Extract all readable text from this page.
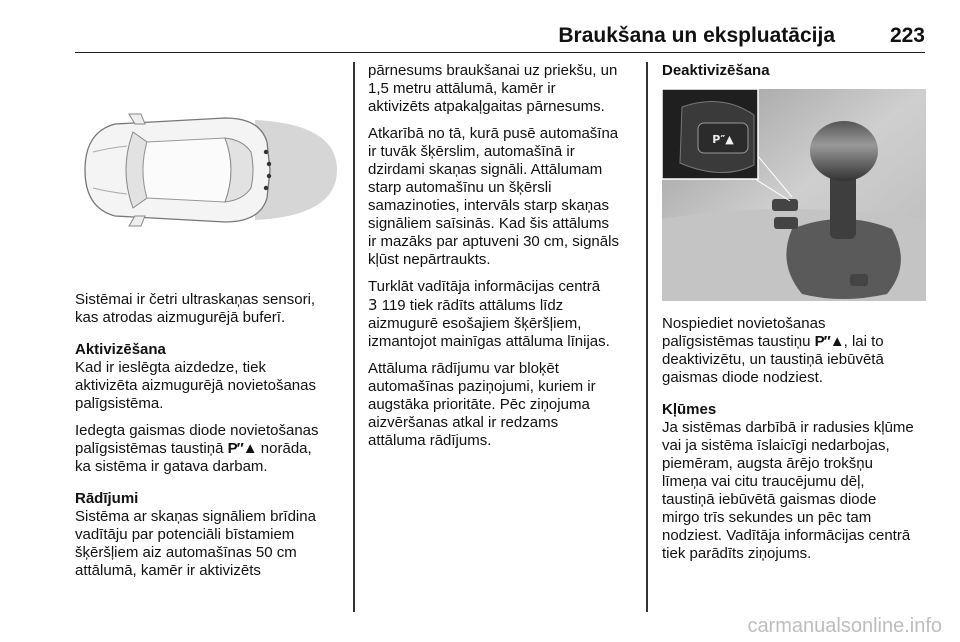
Braukšana un ekspluatācija	223

Sistēmai ir četri ultraskaņas sensori,
kas atrodas aizmugurējā buferī.

Aktivizēšana

Kad ir ieslēgta aizdedze, tiek
aktivizēta aizmugurējā novietošanas
palīgsistēma.

Iedegta gaismas diode novietošanas
palīgsistēmas taustiņā P″▲ norāda,
ka sistēma ir gatava darbam.

Rādījumi

Sistēma ar skaņas signāliem brīdina
vadītāju par potenciāli bīstamiem
šķēršļiem aiz automašīnas 50 cm
attālumā, kamēr ir aktivizēts

pārnesums braukšanai uz priekšu, un
1,5 metru attālumā, kamēr ir
aktivizēts atpakaļgaitas pārnesums.

Atkarībā no tā, kurā pusē automašīna
ir tuvāk šķērslim, automašīnā ir
dzirdami skaņas signāli. Attālumam
starp automašīnu un šķērsli
samazinoties, intervāls starp skaņas
signāliem saīsinās. Kad šis attālums
ir mazāks par aptuveni 30 cm, signāls
kļūst nepārtraukts.

Turklāt vadītāja informācijas centrā
3 119 tiek rādīts attālums līdz
aizmugurē esošajiem šķēršļiem,
izmantojot mainīgas attāluma līnijas.

Attāluma rādījumu var bloķēt
automašīnas paziņojumi, kuriem ir
augstāka prioritāte. Pēc ziņojuma
aizvēršanas atkal ir redzams
attāluma rādījums.

Deaktivizēšana

P″▲

Nospiediet novietošanas
palīgsistēmas taustiņu P″▲, lai to
deaktivizētu, un taustiņā iebūvētā
gaismas diode nodziest.

Kļūmes

Ja sistēmas darbībā ir radusies kļūme
vai ja sistēma īslaicīgi nedarbojas,
piemēram, augsta ārējo trokšņu
līmeņa vai citu traucējumu dēļ,
taustiņā iebūvētā gaismas diode
mirgo trīs sekundes un pēc tam
nodziest. Vadītāja informācijas centrā
tiek parādīts ziņojums.

carmanualsonline.info
